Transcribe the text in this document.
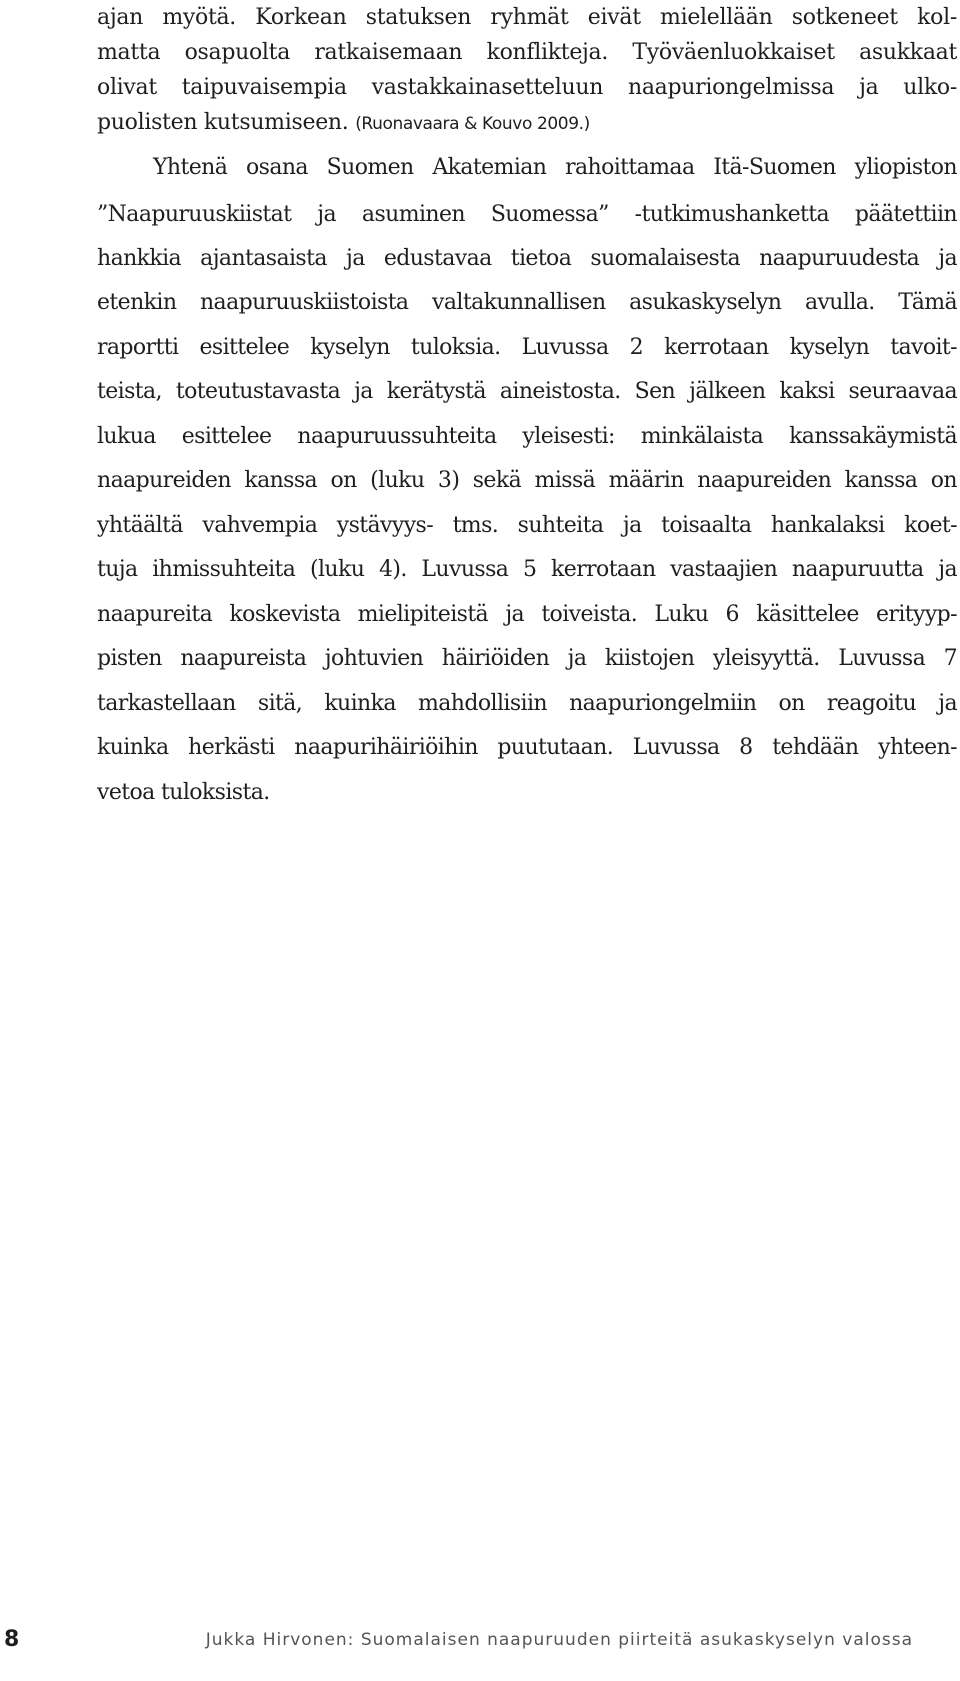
ajan myötä. Korkean statuksen ryhmät eivät mielellään sotkeneet kol-
matta osapuolta ratkaisemaan konflikteja. Työväenluokkaiset asukkaat
olivat taipuvaisempia vastakkainasetteluun naapuriongelmissa ja ulko-
puolisten kutsumiseen. (Ruonavaara & Kouvo 2009.)
Yhtenä osana Suomen Akatemian rahoittamaa Itä-Suomen yliopiston
”Naapuruuskiistat ja asuminen Suomessa” -tutkimushanketta päätettiin
hankkia ajantasaista ja edustavaa tietoa suomalaisesta naapuruudesta ja
etenkin naapuruuskiistoista valtakunnallisen asukaskyselyn avulla. Tämä
raportti esittelee kyselyn tuloksia. Luvussa 2 kerrotaan kyselyn tavoit-
teista, toteutustavasta ja kerätystä aineistosta. Sen jälkeen kaksi seuraavaa
lukua esittelee naapuruussuhteita yleisesti: minkälaista kanssakäymistä
naapureiden kanssa on (luku 3) sekä missä määrin naapureiden kanssa on
yhtäältä vahvempia ystävyys- tms. suhteita ja toisaalta hankalaksi koet-
tuja ihmissuhteita (luku 4). Luvussa 5 kerrotaan vastaajien naapuruutta ja
naapureita koskevista mielipiteistä ja toiveista. Luku 6 käsittelee erityyp-
pisten naapureista johtuvien häiriöiden ja kiistojen yleisyyttä. Luvussa 7
tarkastellaan sitä, kuinka mahdollisiin naapuriongelmiin on reagoitu ja
kuinka herkästi naapurihäiriöihin puututaan. Luvussa 8 tehdään yhteen-
vetoa tuloksista.
8	Jukka Hirvonen: Suomalaisen naapuruuden piirteitä asukaskyselyn valossa
